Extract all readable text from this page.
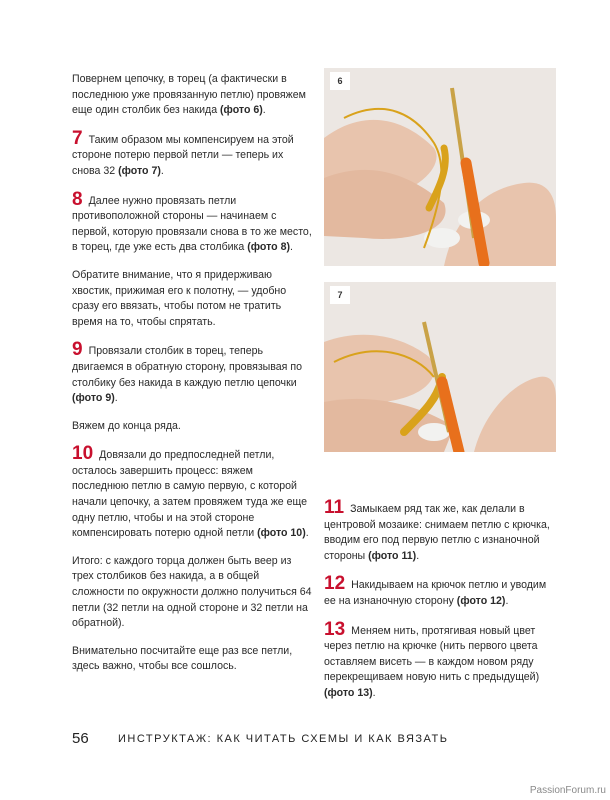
Повернем цепочку, в торец (а фактически в последнюю уже провязанную петлю) провяжем еще один столбик без накида (фото 6).

7 Таким образом мы компенсируем на этой стороне потерю первой петли — теперь их снова 32 (фото 7).

8 Далее нужно провязать петли противоположной стороны — начинаем с первой, которую провязали снова в то же место, в торец, где уже есть два столбика (фото 8).

Обратите внимание, что я придерживаю хвостик, прижимая его к полотну, — удобно сразу его ввязать, чтобы потом не тратить время на то, чтобы спрятать.

9 Провязали столбик в торец, теперь двигаемся в обратную сторону, провязывая по столбику без накида в каждую петлю цепочки (фото 9).

Вяжем до конца ряда.

10 Довязали до предпоследней петли, осталось завершить процесс: вяжем последнюю петлю в самую первую, с которой начали цепочку, а затем провяжем туда же еще одну петлю, чтобы и на этой стороне компенсировать потерю одной петли (фото 10).

Итого: с каждого торца должен быть веер из трех столбиков без накида, а в общей сложности по окружности должно получиться 64 петли (32 петли на одной стороне и 32 петли на обратной).

Внимательно посчитайте еще раз все петли, здесь важно, чтобы все сошлось.

6
7

11 Замыкаем ряд так же, как делали в центровой мозаике: снимаем петлю с крючка, вводим его под первую петлю с изнаночной стороны (фото 11).

12 Накидываем на крючок петлю и уводим ее на изнаночную сторону (фото 12).

13 Меняем нить, протягивая новый цвет через петлю на крючке (нить первого цвета оставляем висеть — в каждом новом ряду перекрещиваем новую нить с предыдущей) (фото 13).

56	ИНСТРУКТАЖ: КАК ЧИТАТЬ СХЕМЫ И КАК ВЯЗАТЬ
PassionForum.ru
